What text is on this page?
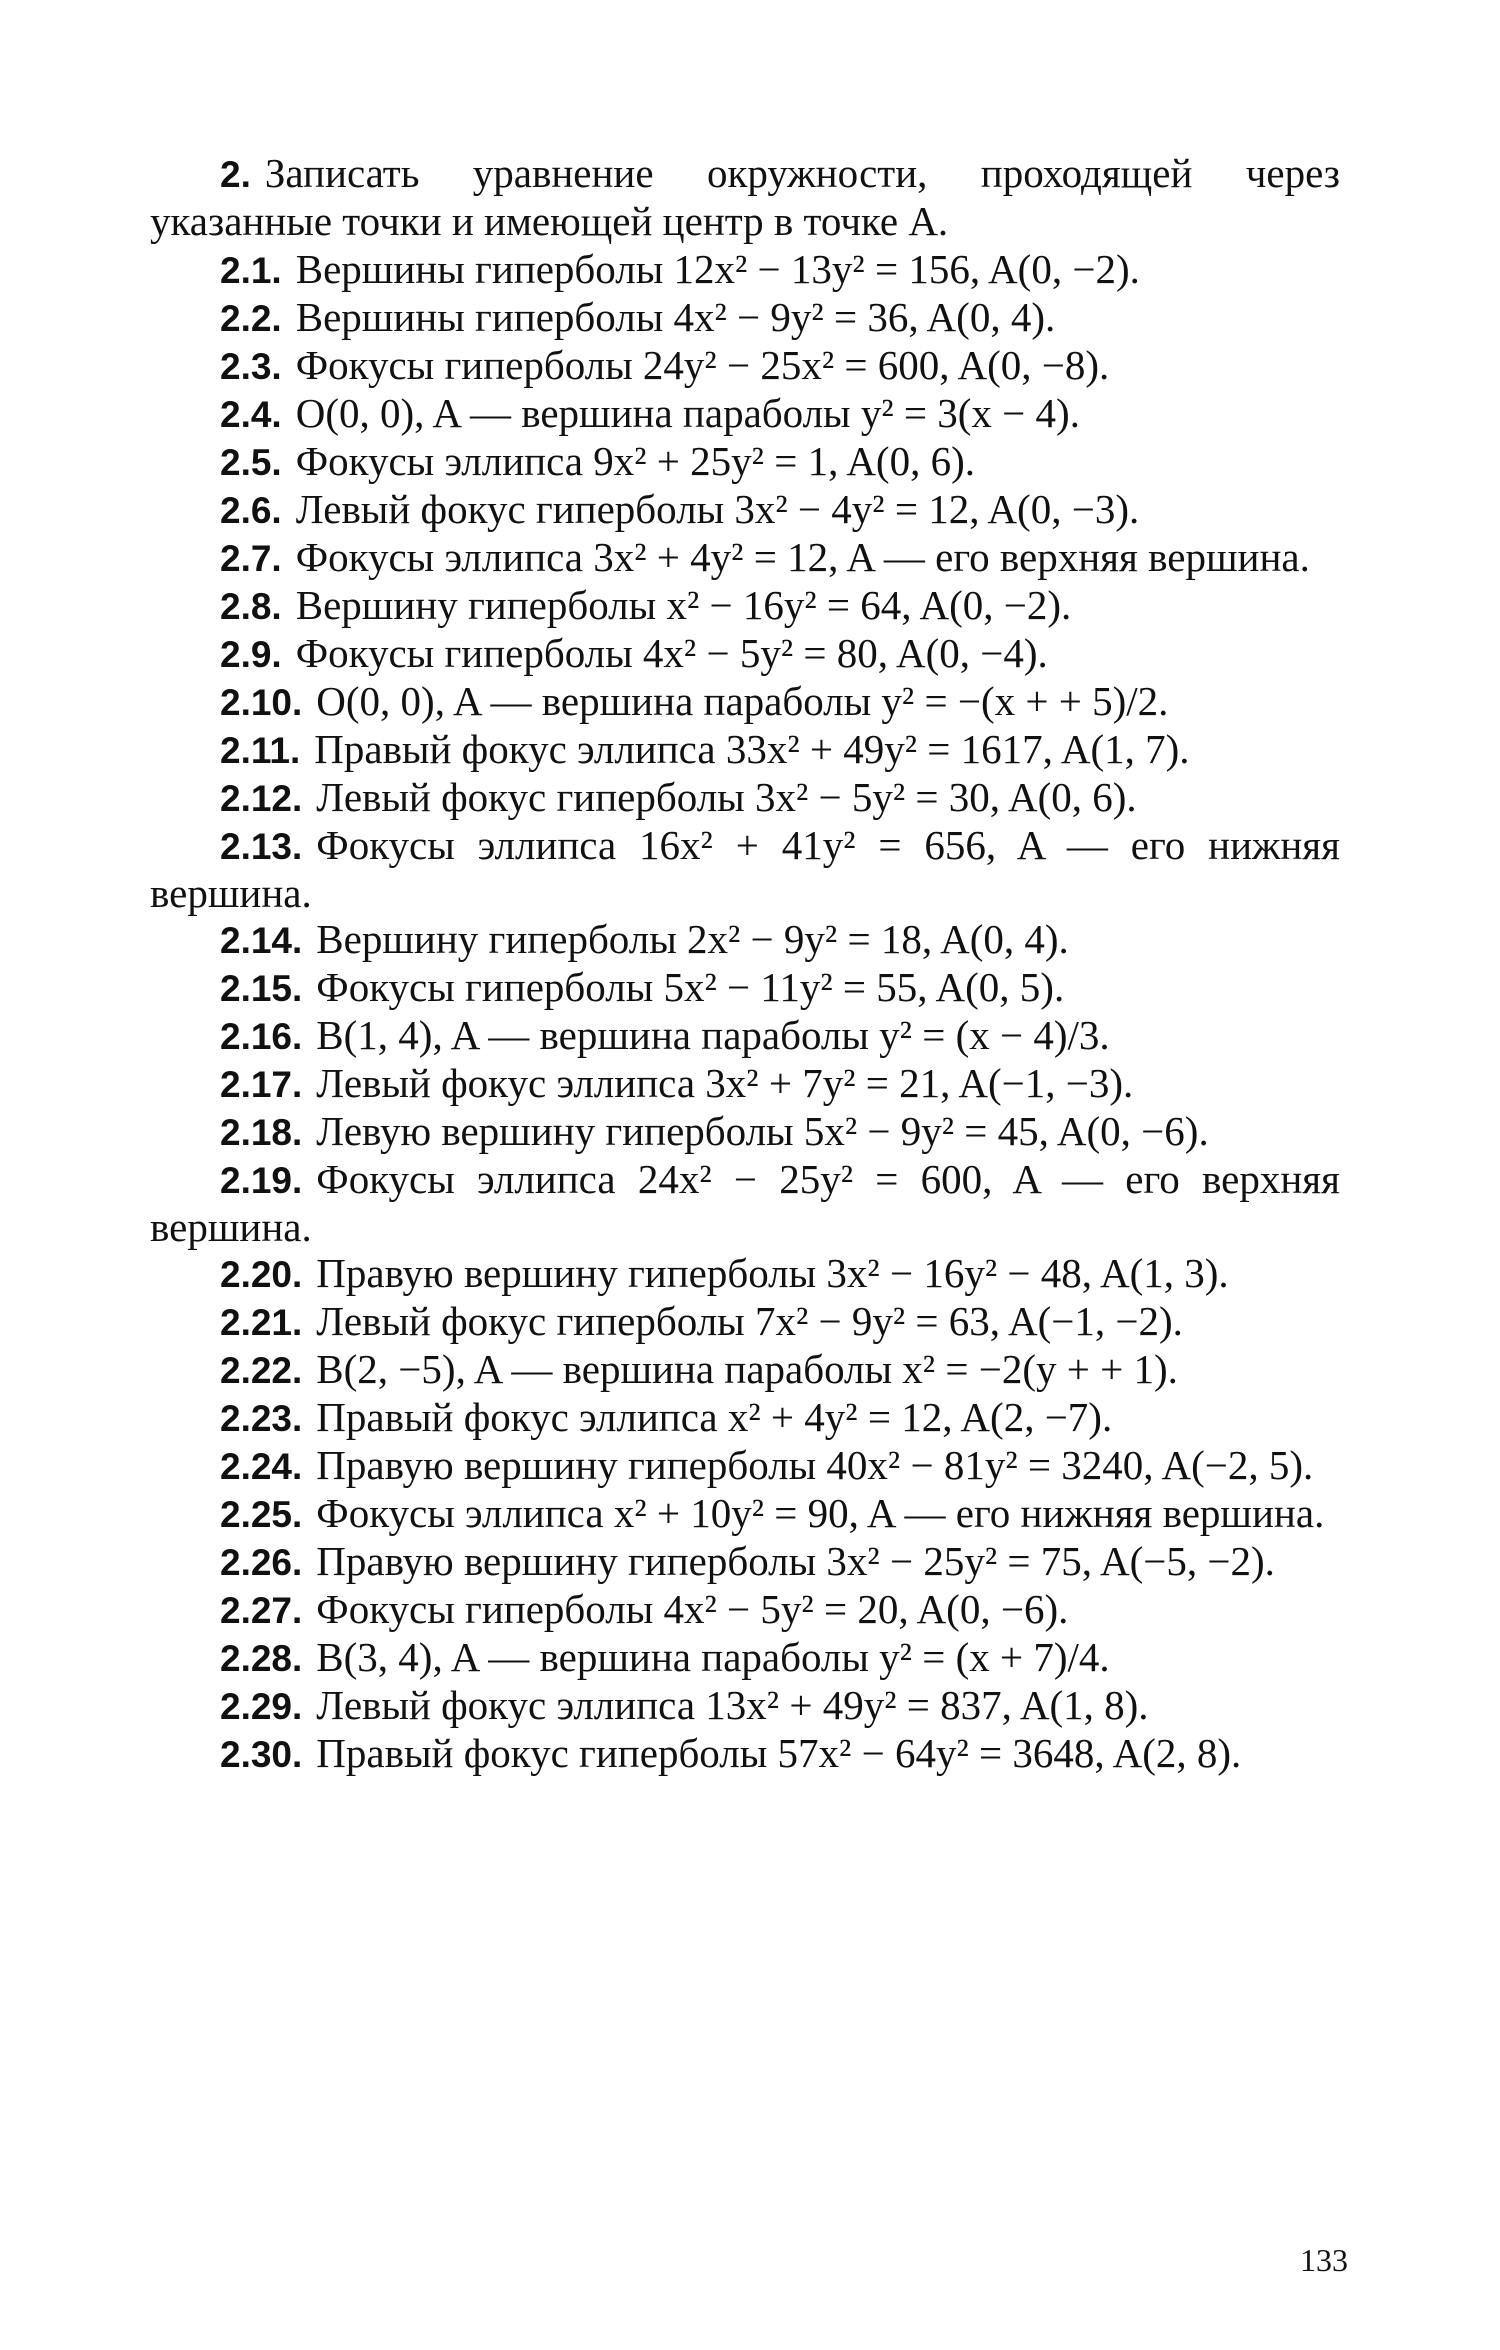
2. Записать уравнение окружности, проходящей через указанные точки и имеющей центр в точке A.

2.1. Вершины гиперболы 12x² − 13y² = 156, A(0, −2).

2.2. Вершины гиперболы 4x² − 9y² = 36, A(0, 4).

2.3. Фокусы гиперболы 24y² − 25x² = 600, A(0, −8).

2.4. O(0, 0), A — вершина параболы y² = 3(x − 4).

2.5. Фокусы эллипса 9x² + 25y² = 1, A(0, 6).

2.6. Левый фокус гиперболы 3x² − 4y² = 12, A(0, −3).

2.7. Фокусы эллипса 3x² + 4y² = 12, A — его верхняя вершина.

2.8. Вершину гиперболы x² − 16y² = 64, A(0, −2).

2.9. Фокусы гиперболы 4x² − 5y² = 80, A(0, −4).

2.10. O(0, 0), A — вершина параболы y² = −(x + + 5)/2.

2.11. Правый фокус эллипса 33x² + 49y² = 1617, A(1, 7).

2.12. Левый фокус гиперболы 3x² − 5y² = 30, A(0, 6).

2.13. Фокусы эллипса 16x² + 41y² = 656, A — его нижняя вершина.

2.14. Вершину гиперболы 2x² − 9y² = 18, A(0, 4).

2.15. Фокусы гиперболы 5x² − 11y² = 55, A(0, 5).

2.16. B(1, 4), A — вершина параболы y² = (x − 4)/3.

2.17. Левый фокус эллипса 3x² + 7y² = 21, A(−1, −3).

2.18. Левую вершину гиперболы 5x² − 9y² = 45, A(0, −6).

2.19. Фокусы эллипса 24x² − 25y² = 600, A — его верхняя вершина.

2.20. Правую вершину гиперболы 3x² − 16y² − 48, A(1, 3).

2.21. Левый фокус гиперболы 7x² − 9y² = 63, A(−1, −2).

2.22. B(2, −5), A — вершина параболы x² = −2(y + + 1).

2.23. Правый фокус эллипса x² + 4y² = 12, A(2, −7).

2.24. Правую вершину гиперболы 40x² − 81y² = 3240, A(−2, 5).

2.25. Фокусы эллипса x² + 10y² = 90, A — его нижняя вершина.

2.26. Правую вершину гиперболы 3x² − 25y² = 75, A(−5, −2).

2.27. Фокусы гиперболы 4x² − 5y² = 20, A(0, −6).

2.28. B(3, 4), A — вершина параболы y² = (x + 7)/4.

2.29. Левый фокус эллипса 13x² + 49y² = 837, A(1, 8).

2.30. Правый фокус гиперболы 57x² − 64y² = 3648, A(2, 8).

133
